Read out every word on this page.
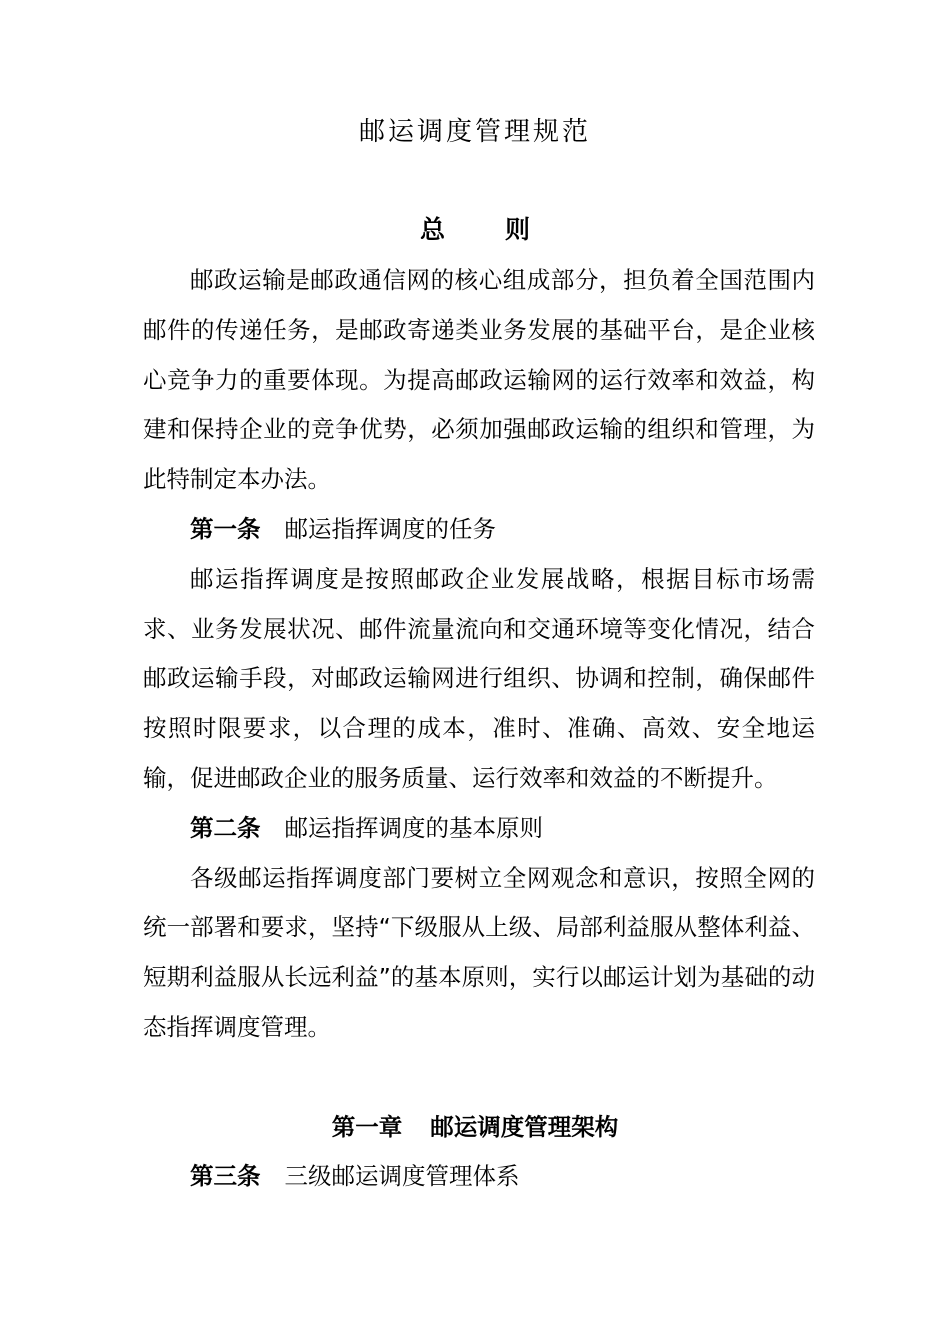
邮运调度管理规范
总 则

邮政运输是邮政通信网的核心组成部分，担负着全国范围内邮件的传递任务，是邮政寄递类业务发展的基础平台，是企业核心竞争力的重要体现。为提高邮政运输网的运行效率和效益，构建和保持企业的竞争优势，必须加强邮政运输的组织和管理，为此特制定本办法。

第一条 邮运指挥调度的任务

邮运指挥调度是按照邮政企业发展战略，根据目标市场需求、业务发展状况、邮件流量流向和交通环境等变化情况，结合邮政运输手段，对邮政运输网进行组织、协调和控制，确保邮件按照时限要求，以合理的成本，准时、准确、高效、安全地运输，促进邮政企业的服务质量、运行效率和效益的不断提升。

第二条 邮运指挥调度的基本原则

各级邮运指挥调度部门要树立全网观念和意识，按照全网的统一部署和要求，坚持“下级服从上级、局部利益服从整体利益、短期利益服从长远利益”的基本原则，实行以邮运计划为基础的动态指挥调度管理。

第一章 邮运调度管理架构

第三条 三级邮运调度管理体系
